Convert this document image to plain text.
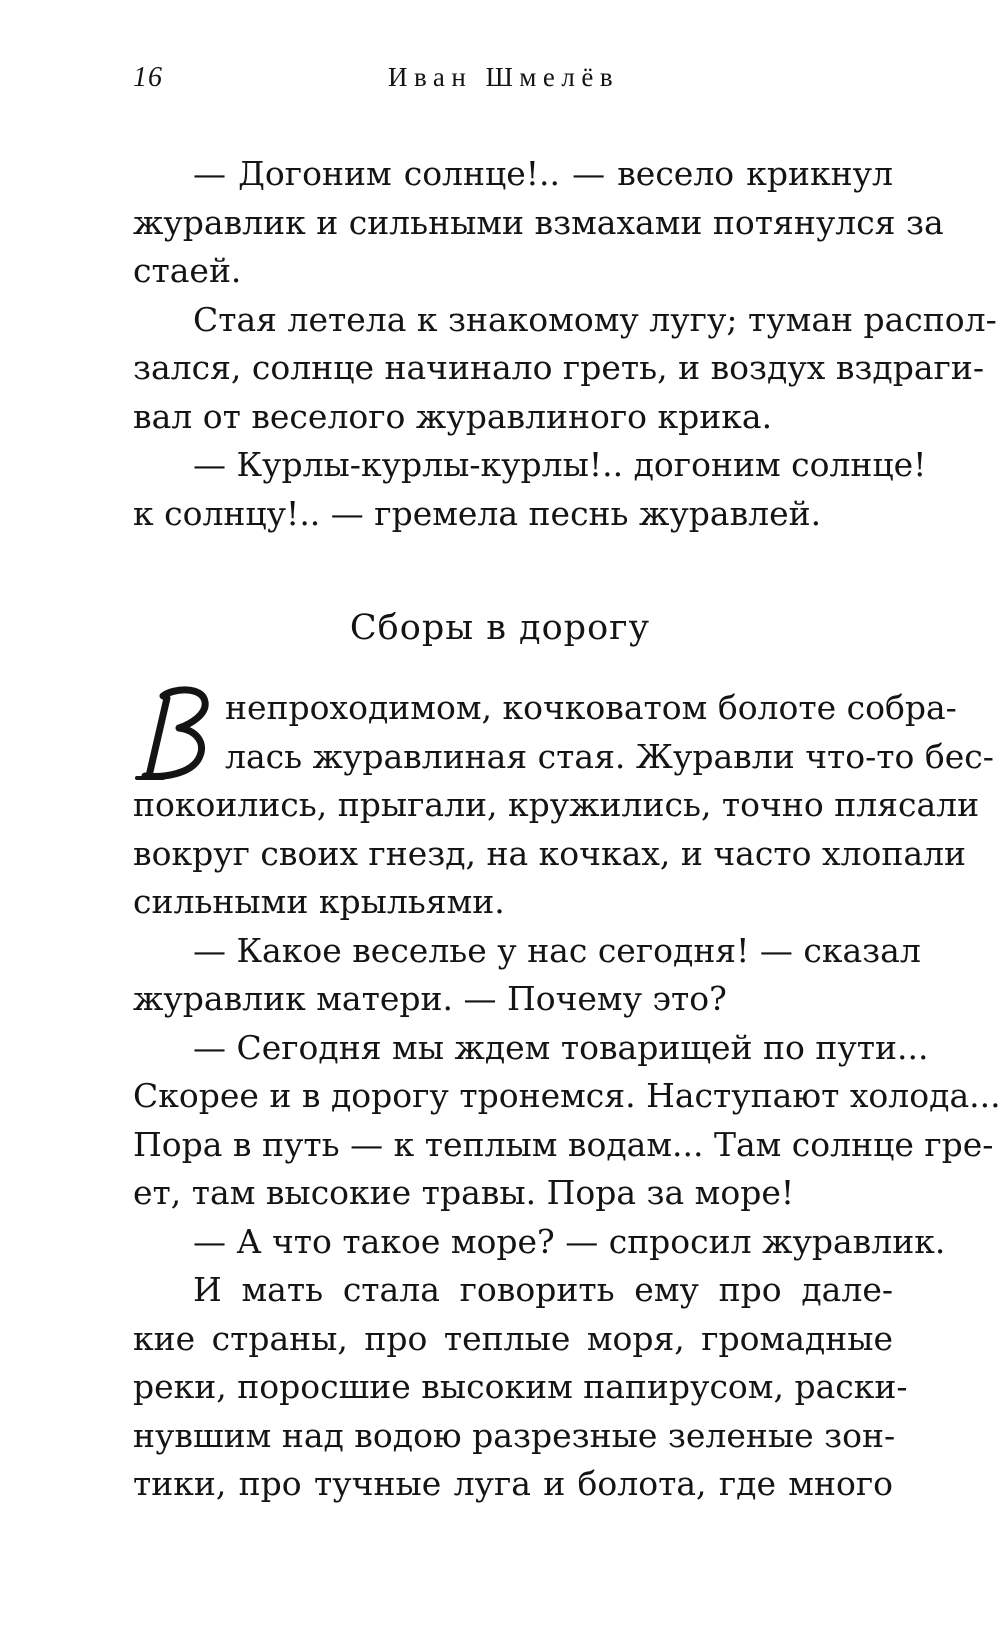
16	Иван Шмелёв
— Догоним солнце!.. — весело крикнул
журавлик и сильными взмахами потянулся за
стаей.
Стая летела к знакомому лугу; туман распол-
зался, солнце начинало греть, и воздух вздраги-
вал от веселого журавлиного крика.
— Курлы-курлы-курлы!.. догоним солнце!
к солнцу!.. — гремела песнь журавлей.
Сборы в дорогу
непроходимом, кочковатом болоте собра-
лась журавлиная стая. Журавли что-то бес-
покоились, прыгали, кружились, точно плясали
вокруг своих гнезд, на кочках, и часто хлопали
сильными крыльями.
— Какое веселье у нас сегодня! — сказал
журавлик матери. — Почему это?
— Сегодня мы ждем товарищей по пути...
Скорее и в дорогу тронемся. Наступают холода...
Пора в путь — к теплым водам... Там солнце гре-
ет, там высокие травы. Пора за море!
— А что такое море? — спросил журавлик.
И мать стала говорить ему про дале-
кие страны, про теплые моря, громадные
реки, поросшие высоким папирусом, раски-
нувшим над водою разрезные зеленые зон-
тики, про тучные луга и болота, где много
